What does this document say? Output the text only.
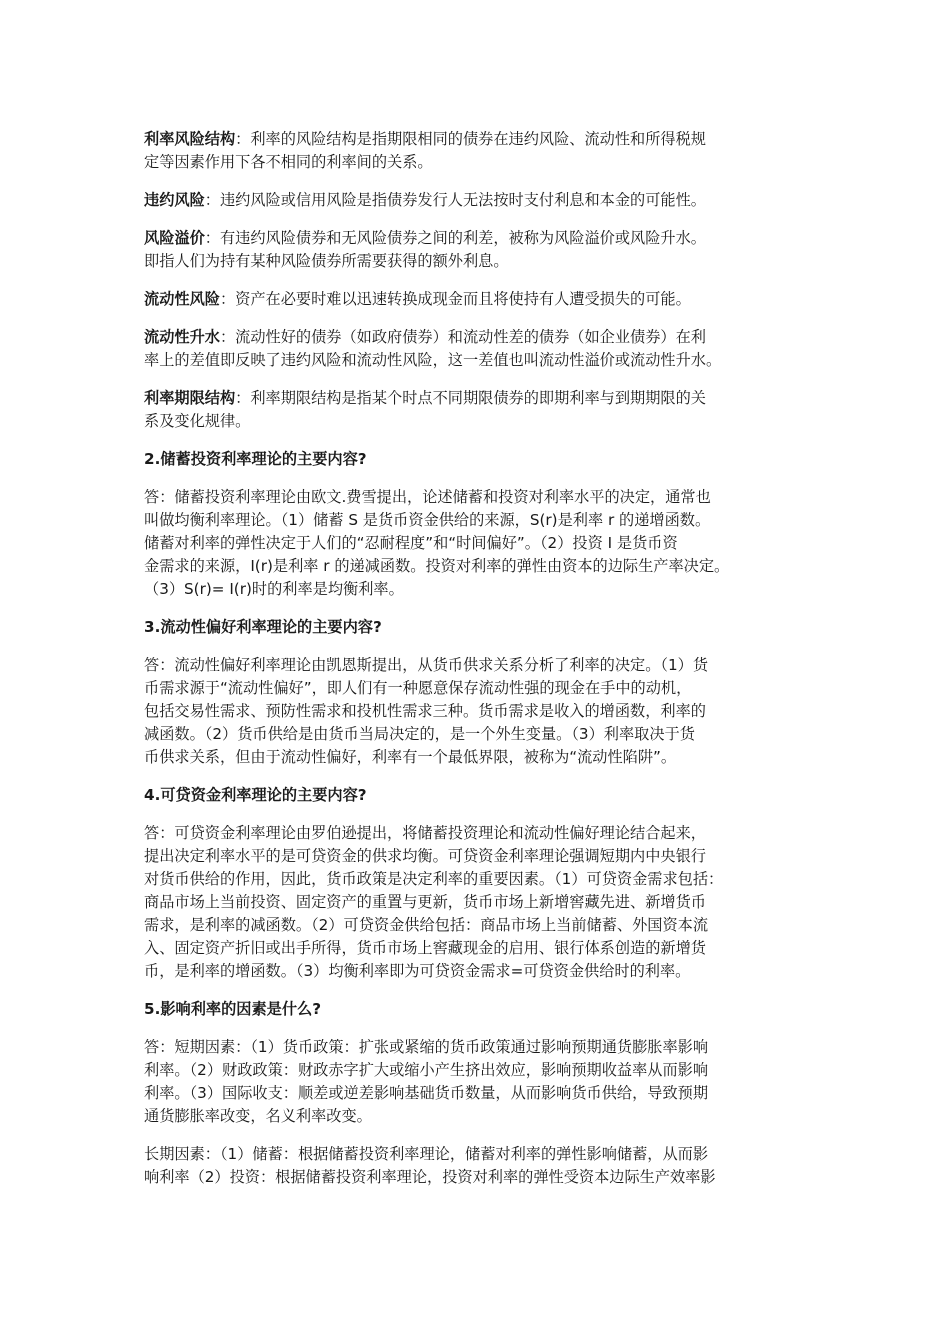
利率风险结构：利率的风险结构是指期限相同的债券在违约风险、流动性和所得税规
定等因素作用下各不相同的利率间的关系。

违约风险：违约风险或信用风险是指债券发行人无法按时支付利息和本金的可能性。

风险溢价：有违约风险债券和无风险债券之间的利差，被称为风险溢价或风险升水。
即指人们为持有某种风险债券所需要获得的额外利息。

流动性风险：资产在必要时难以迅速转换成现金而且将使持有人遭受损失的可能。

流动性升水：流动性好的债券（如政府债券）和流动性差的债券（如企业债券）在利
率上的差值即反映了违约风险和流动性风险，这一差值也叫流动性溢价或流动性升水。

利率期限结构：利率期限结构是指某个时点不同期限债券的即期利率与到期期限的关
系及变化规律。

2.储蓄投资利率理论的主要内容?

答：储蓄投资利率理论由欧文.费雪提出，论述储蓄和投资对利率水平的决定，通常也
叫做均衡利率理论。（1）储蓄 S 是货币资金供给的来源，S(r)是利率 r 的递增函数。
储蓄对利率的弹性决定于人们的“忍耐程度”和“时间偏好”。（2）投资 I 是货币资
金需求的来源，I(r)是利率 r 的递减函数。投资对利率的弹性由资本的边际生产率决定。
（3）S(r)= I(r)时的利率是均衡利率。

3.流动性偏好利率理论的主要内容?

答：流动性偏好利率理论由凯恩斯提出，从货币供求关系分析了利率的决定。（1）货
币需求源于“流动性偏好”，即人们有一种愿意保存流动性强的现金在手中的动机，
包括交易性需求、预防性需求和投机性需求三种。货币需求是收入的增函数，利率的
减函数。（2）货币供给是由货币当局决定的，是一个外生变量。（3）利率取决于货
币供求关系，但由于流动性偏好，利率有一个最低界限，被称为“流动性陷阱”。

4.可贷资金利率理论的主要内容?

答：可贷资金利率理论由罗伯逊提出，将储蓄投资理论和流动性偏好理论结合起来，
提出决定利率水平的是可贷资金的供求均衡。可贷资金利率理论强调短期内中央银行
对货币供给的作用，因此，货币政策是决定利率的重要因素。（1）可贷资金需求包括：
商品市场上当前投资、固定资产的重置与更新，货币市场上新增窖藏先进、新增货币
需求，是利率的减函数。（2）可贷资金供给包括：商品市场上当前储蓄、外国资本流
入、固定资产折旧或出手所得，货币市场上窖藏现金的启用、银行体系创造的新增货
币，是利率的增函数。（3）均衡利率即为可贷资金需求=可贷资金供给时的利率。

5.影响利率的因素是什么?

答：短期因素：（1）货币政策：扩张或紧缩的货币政策通过影响预期通货膨胀率影响
利率。（2）财政政策：财政赤字扩大或缩小产生挤出效应，影响预期收益率从而影响
利率。（3）国际收支：顺差或逆差影响基础货币数量，从而影响货币供给，导致预期
通货膨胀率改变，名义利率改变。

长期因素：（1）储蓄：根据储蓄投资利率理论，储蓄对利率的弹性影响储蓄，从而影
响利率（2）投资：根据储蓄投资利率理论，投资对利率的弹性受资本边际生产效率影
